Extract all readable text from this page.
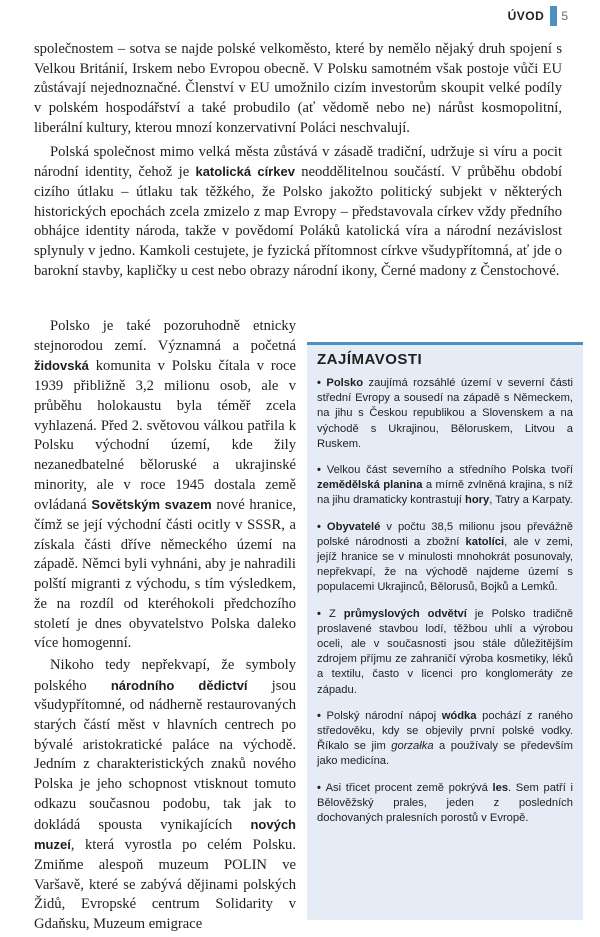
ÚVOD 5

společnostem – sotva se najde polské velkoměsto, které by nemělo nějaký druh spojení s Velkou Británií, Irskem nebo Evropou obecně. V Polsku samotném však postoje vůči EU zůstávají nejednoznačné. Členství v EU umožnilo cizím investorům skoupit velké podíly v polském hospodářství a také probudilo (ať vědomě nebo ne) nárůst kosmopolitní, liberální kultury, kterou mnozí konzervativní Poláci neschvalují.

Polská společnost mimo velká města zůstává v zásadě tradiční, udržuje si víru a pocit národní identity, čehož je katolická církev neoddělitelnou součástí. V průběhu období cizího útlaku – útlaku tak těžkého, že Polsko jakožto politický subjekt v některých historických epochách zcela zmizelo z map Evropy – představovala církev vždy předního obhájce identity národa, takže v povědomí Poláků katolická víra a národní nezávislost splynuly v jedno. Kamkoli cestujete, je fyzická přítomnost církve všudypřítomná, ať jde o barokní stavby, kapličky u cest nebo obrazy národní ikony, Černé madony z Čenstochové.

Polsko je také pozoruhodně etnicky stejnorodou zemí. Významná a početná židovská komunita v Polsku čítala v roce 1939 přibližně 3,2 milionu osob, ale v průběhu holokaustu byla téměř zcela vyhlazená. Před 2. světovou válkou patřila k Polsku východní území, kde žily nezanedbatelné běloruské a ukrajinské minority, ale v roce 1945 dostala země ovládaná Sovětským svazem nové hranice, čímž se její východní části ocitly v SSSR, a získala části dříve německého území na západě. Němci byli vyhnáni, aby je nahradili polští migranti z východu, s tím výsledkem, že na rozdíl od kteréhokoli předchozího století je dnes obyvatelstvo Polska daleko více homogenní.

Nikoho tedy nepřekvapí, že symboly polského národního dědictví jsou všudypřítomné, od nádherně restaurovaných starých částí měst v hlavních centrech po bývalé aristokratické paláce na východě. Jedním z charakteristických znaků nového Polska je jeho schopnost vtisknout tomuto odkazu současnou podobu, tak jak to dokládá spousta vynikajících nových muzeí, která vyrostla po celém Polsku. Zmiňme alespoň muzeum POLIN ve Varšavě, které se zabývá dějinami polských Židů, Evropské centrum Solidarity v Gdaňsku, Muzeum emigrace

ZAJÍMAVOSTI
• Polsko zaujímá rozsáhlé území v severní části střední Evropy a sousedí na západě s Německem, na jihu s Českou republikou a Slovenskem a na východě s Ukrajinou, Běloruskem, Litvou a Ruskem.
• Velkou část severního a středního Polska tvoří zemědělská planina a mírně zvlněná krajina, s níž na jihu dramaticky kontrastují hory, Tatry a Karpaty.
• Obyvatelé v počtu 38,5 milionu jsou převážně polské národnosti a zbožní katolíci, ale v zemi, jejíž hranice se v minulosti mnohokrát posunovaly, nepřekvapí, že na východě najdeme území s populacemi Ukrajinců, Bělorusů, Bojků a Lemků.
• Z průmyslových odvětví je Polsko tradičně proslavené stavbou lodí, těžbou uhlí a výrobou oceli, ale v současnosti jsou stále důležitějším zdrojem příjmu ze zahraničí výroba kosmetiky, léků a textilu, často v licenci pro konglomeráty ze západu.
• Polský národní nápoj wódka pochází z raného středověku, kdy se objevily první polské vodky. Říkalo se jim gorzałka a používaly se především jako medicína.
• Asi třicet procent země pokrývá les. Sem patří i Bělověžský prales, jeden z posledních dochovaných pralesních porostů v Evropě.
